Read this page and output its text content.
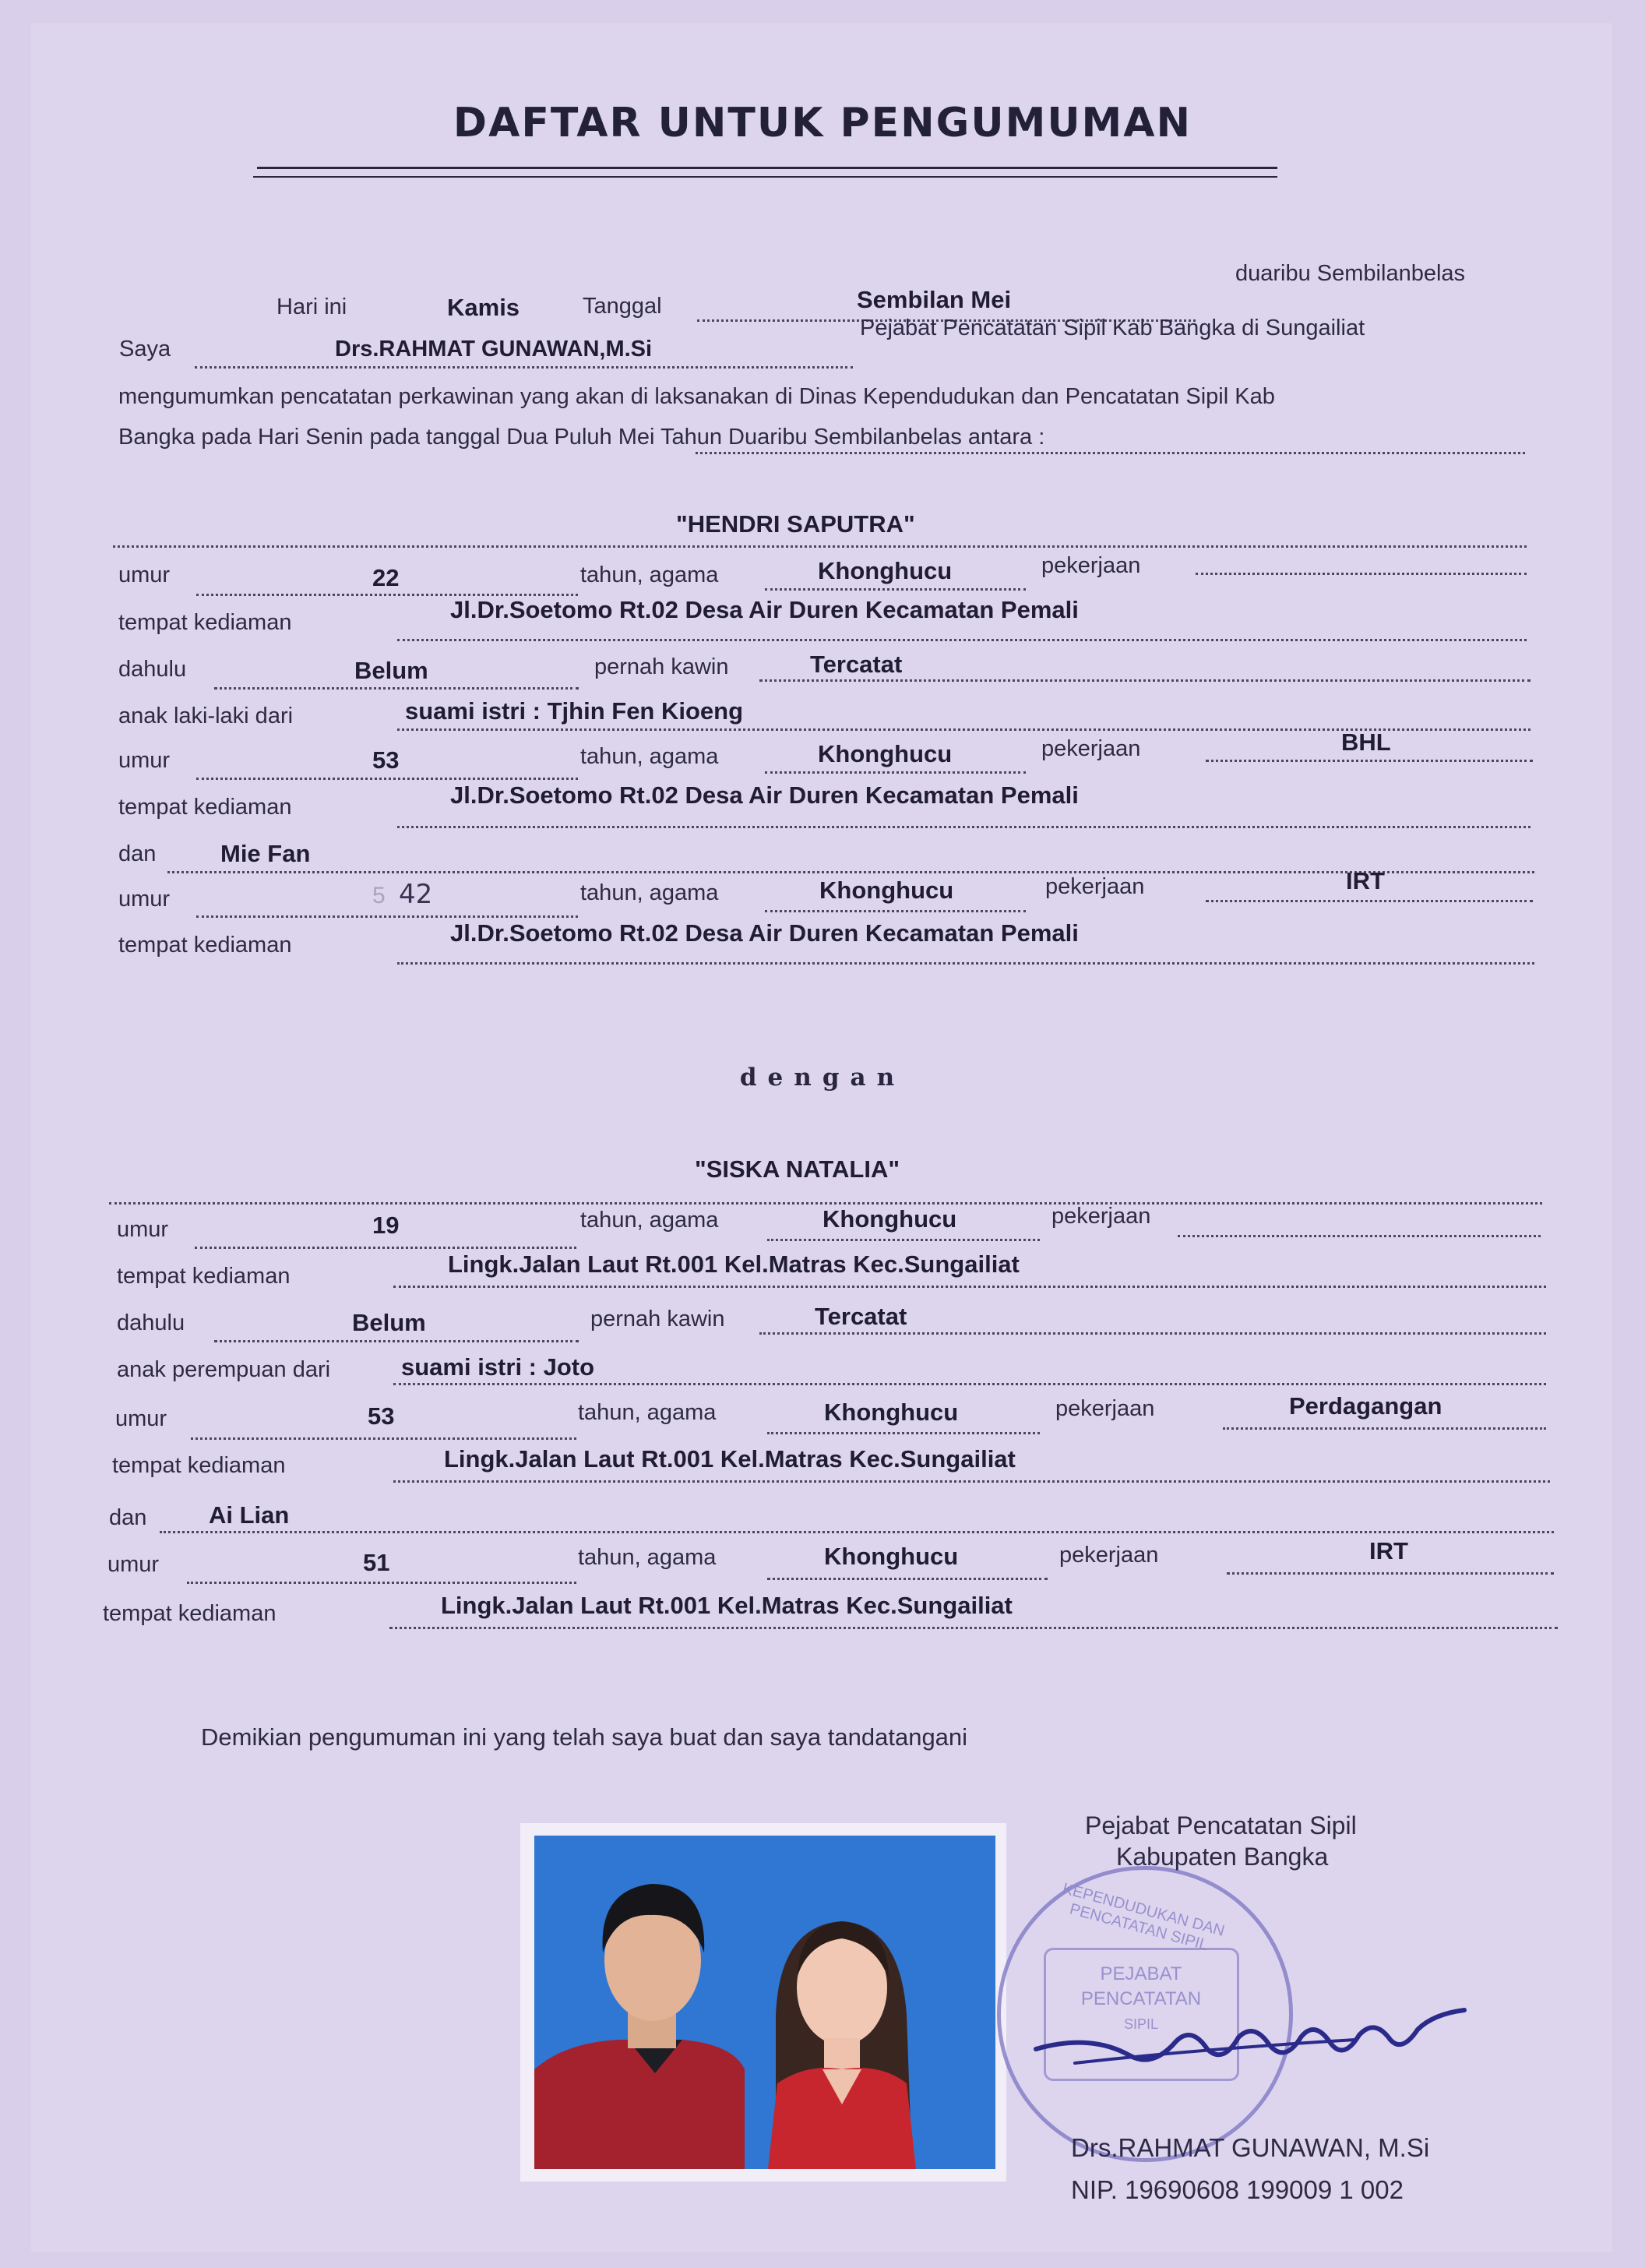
DAFTAR UNTUK PENGUMUMAN
Hari ini	Kamis	Tanggal	Sembilan Mei
duaribu Sembilanbelas
Saya	Drs.RAHMAT GUNAWAN,M.Si
Pejabat Pencatatan Sipil Kab Bangka di Sungailiat
mengumumkan pencatatan perkawinan yang akan di laksanakan di Dinas Kependudukan dan Pencatatan Sipil Kab
Bangka pada Hari Senin pada tanggal Dua Puluh Mei Tahun Duaribu Sembilanbelas antara :
"HENDRI SAPUTRA"
umur	22	tahun, agama	Khonghucu	pekerjaan
tempat kediaman	Jl.Dr.Soetomo Rt.02 Desa Air Duren Kecamatan Pemali
dahulu	Belum	pernah kawin	Tercatat
anak laki-laki dari	suami istri : Tjhin Fen Kioeng
umur	53	tahun, agama	Khonghucu	pekerjaan	BHL
tempat kediaman	Jl.Dr.Soetomo Rt.02 Desa Air Duren Kecamatan Pemali
dan	Mie Fan
umur	5 42	tahun, agama	Khonghucu	pekerjaan	IRT
tempat kediaman	Jl.Dr.Soetomo Rt.02 Desa Air Duren Kecamatan Pemali
dengan
"SISKA NATALIA"
umur	19	tahun, agama	Khonghucu	pekerjaan
tempat kediaman	Lingk.Jalan Laut Rt.001 Kel.Matras Kec.Sungailiat
dahulu	Belum	pernah kawin	Tercatat
anak perempuan dari	suami istri : Joto
umur	53	tahun, agama	Khonghucu	pekerjaan	Perdagangan
tempat kediaman	Lingk.Jalan Laut Rt.001 Kel.Matras Kec.Sungailiat
dan	Ai Lian
umur	51	tahun, agama	Khonghucu	pekerjaan	IRT
tempat kediaman	Lingk.Jalan Laut Rt.001 Kel.Matras Kec.Sungailiat
Demikian pengumuman ini yang telah saya buat dan saya tandatangani
KEPENDUDUKAN DAN PENCATATAN SIPIL
PEJABAT
PENCATATAN
SIPIL
Pejabat Pencatatan Sipil
Kabupaten Bangka
Drs.RAHMAT GUNAWAN, M.Si
NIP. 19690608 199009 1 002
